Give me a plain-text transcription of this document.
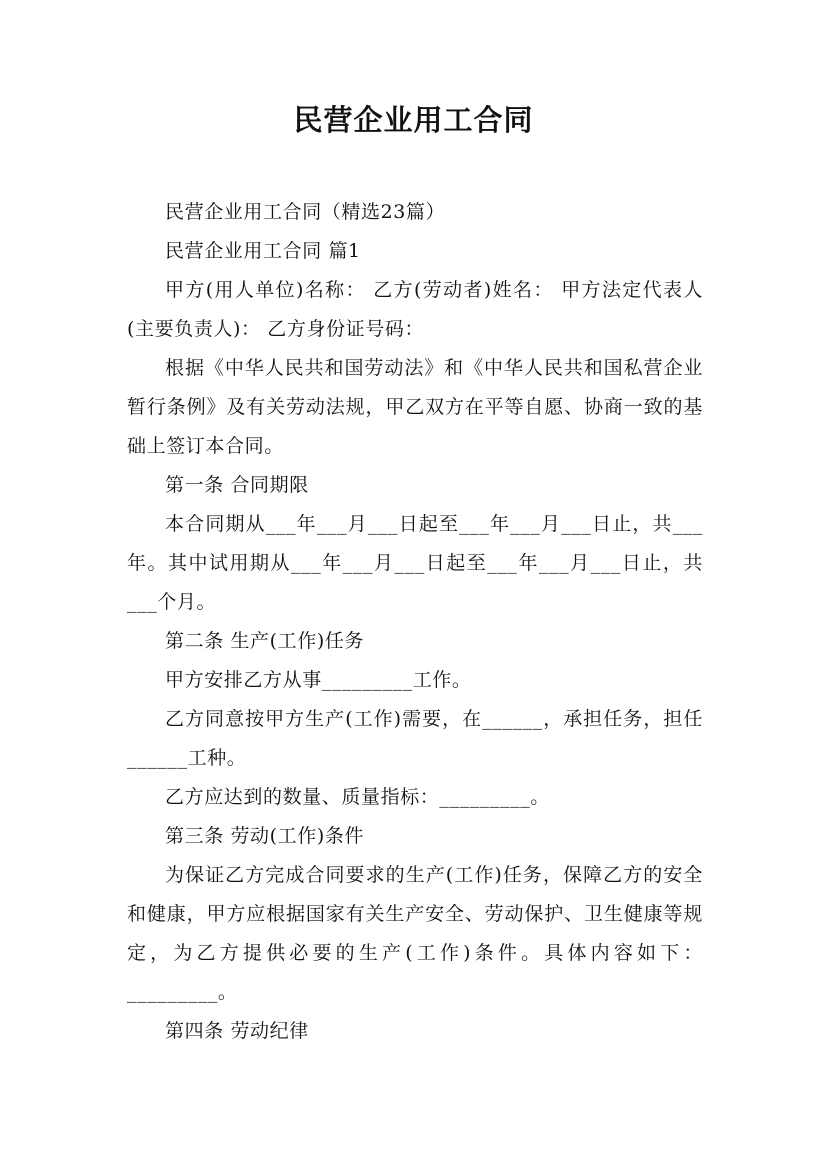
民营企业用工合同

民营企业用工合同（精选23篇）

民营企业用工合同 篇1

甲方(用人单位)名称： 乙方(劳动者)姓名： 甲方法定代表人(主要负责人)： 乙方身份证号码：

根据《中华人民共和国劳动法》和《中华人民共和国私营企业暂行条例》及有关劳动法规，甲乙双方在平等自愿、协商一致的基础上签订本合同。

第一条 合同期限

本合同期从___年___月___日起至___年___月___日止，共___年。其中试用期从___年___月___日起至___年___月___日止，共___个月。

第二条 生产(工作)任务

甲方安排乙方从事_________工作。

乙方同意按甲方生产(工作)需要，在______，承担任务，担任______工种。

乙方应达到的数量、质量指标：_________。

第三条 劳动(工作)条件

为保证乙方完成合同要求的生产(工作)任务，保障乙方的安全和健康，甲方应根据国家有关生产安全、劳动保护、卫生健康等规定，为乙方提供必要的生产(工作)条件。具体内容如下：_________。

第四条 劳动纪律
